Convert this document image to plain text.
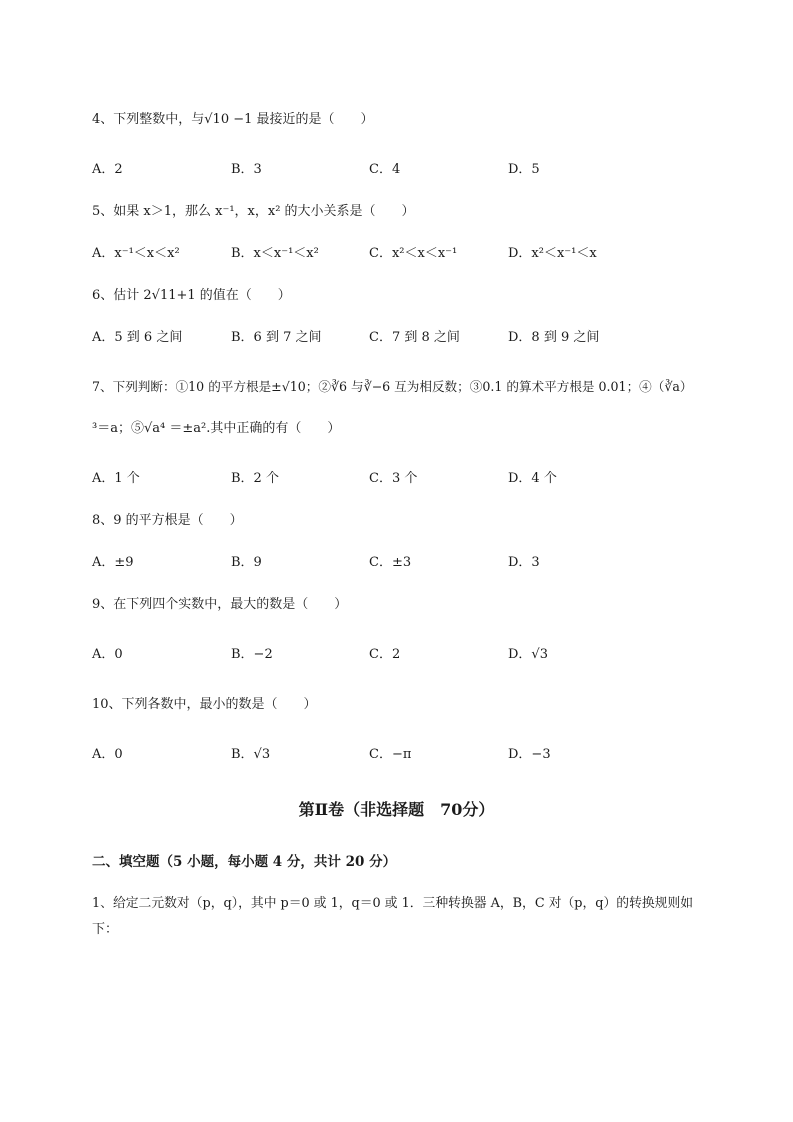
4、下列整数中，与√10 −1 最接近的是（　　）
A．2	B．3	C．4	D．5
5、如果 x＞1，那么 x⁻¹，x，x² 的大小关系是（　　）
A．x⁻¹＜x＜x²	B．x＜x⁻¹＜x²	C．x²＜x＜x⁻¹	D．x²＜x⁻¹＜x
6、估计 2√11+1 的值在（　　）
A．5 到 6 之间	B．6 到 7 之间	C．7 到 8 之间	D．8 到 9 之间
7、下列判断：①10 的平方根是±√10；②∛6 与∛−6 互为相反数；③0.1 的算术平方根是 0.01；④（∛a）
³＝a；⑤√a⁴ ＝±a².其中正确的有（　　）
A．1 个	B．2 个	C．3 个	D．4 个
8、9 的平方根是（　　）
A．±9	B．9	C．±3	D．3
9、在下列四个实数中，最大的数是（　　）
A．0	B．−2	C．2	D．√3
10、下列各数中，最小的数是（　　）
A．0	B．√3	C．−π	D．−3
第Ⅱ卷（非选择题　70分）
二、填空题（5 小题，每小题 4 分，共计 20 分）
1、给定二元数对（p，q），其中 p＝0 或 1，q＝0 或 1．三种转换器 A，B，C 对（p，q）的转换规则如
下：
